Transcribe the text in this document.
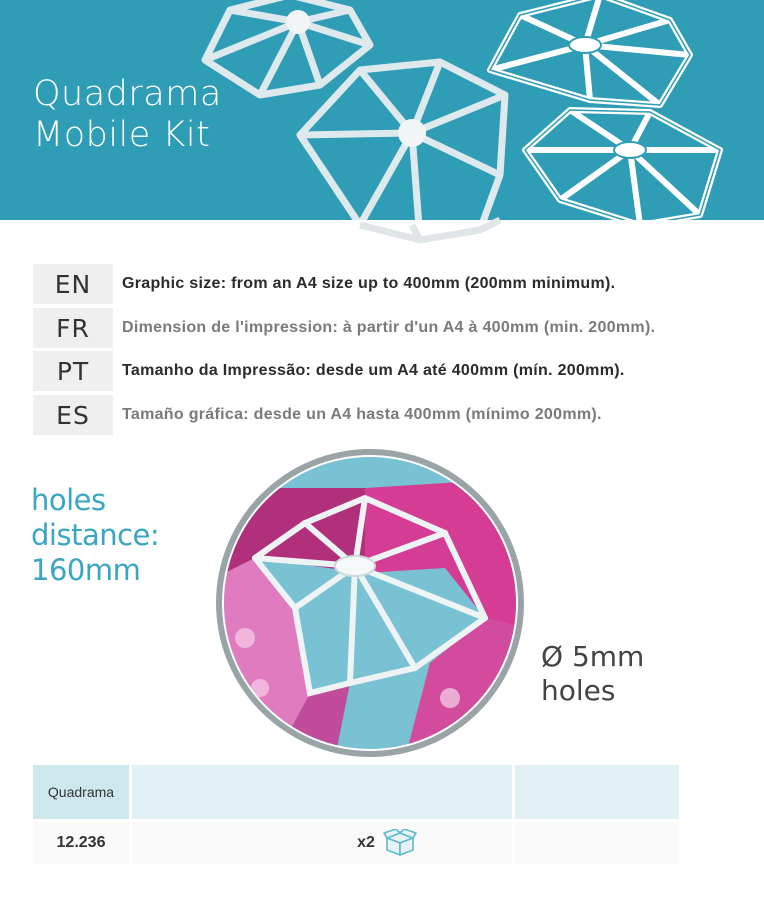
Quadrama
Mobile Kit
EN	Graphic size: from an A4 size up to 400mm (200mm minimum).
FR	Dimension de l'impression: à partir d'un A4 à 400mm (min. 200mm).
PT	Tamanho da Impressão: desde um A4 até 400mm (mín. 200mm).
ES	Tamaño gráfica: desde un A4 hasta 400mm (mínimo 200mm).
holes
distance:
160mm
Ø 5mm
holes
Quadrama
12.236	x2
